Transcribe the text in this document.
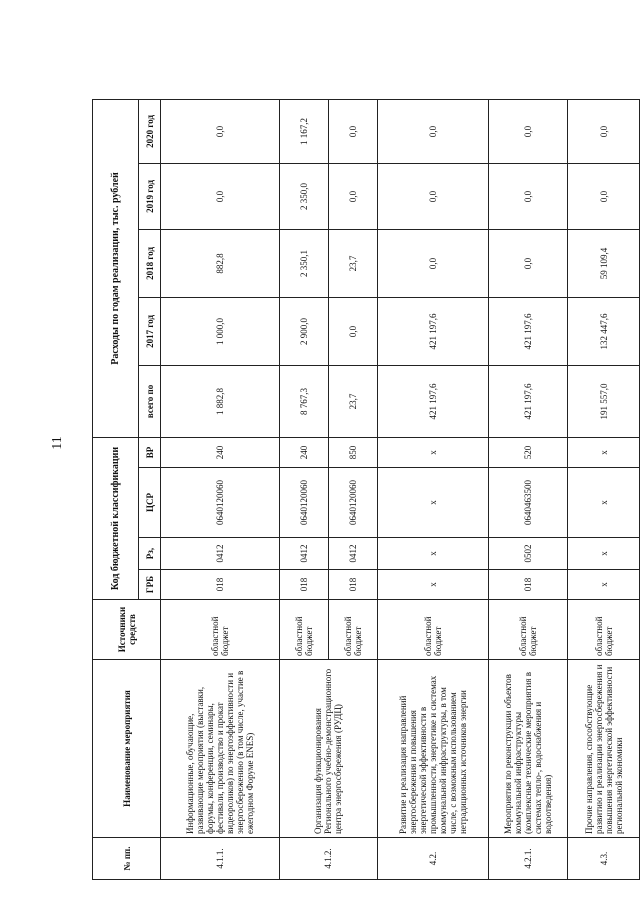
11
№ пп.	Наименование мероприятия	Источники средств	Код бюджетной классификации				Расходы по годам реализации, тыс. рублей				
			ГРБ	Рз,	ЦСР	ВР	всего по	2017 год	2018 год	2019 год	2020 год
4.1.1.	Информационные, обучающие, развивающие мероприятия (выставки, форумы, конференции, семинары, фестивали, производство и прокат видеороликов) по энергоэффективности и энергосбережению (в том числе, участие в ежегодном Форуме ENES)	областной бюджет	018	0412	0640120060	240	1 882,8	1 000,0	882,8	0,0	0,0
4.1.2.	Организация функционирования Регионального учебно-демонстрационного центра энергосбережения (РУДЦ)	областной бюджет	018	0412	0640120060	240	8 767,3	2 900,0	2 350,1	2 350,0	1 167,2
		областной бюджет	018	0412	0640120060	850	23,7	0,0	23,7	0,0	0,0
4.2.	Развитие и реализация направлений энергосбережения и повышения энергетической эффективности в промышленности, энергетике и системах коммунальной инфраструктуры, в том числе, с возможным использованием нетрадиционных источников энергии	областной бюджет	х	х	х	х	421 197,6	421 197,6	0,0	0,0	0,0
4.2.1.	Мероприятия по реконструкции объектов коммунальной инфраструктуры (комплексные технические мероприятия в системах тепло-, водоснабжения и водоотведения)	областной бюджет	018	0502	0640463500	520	421 197,6	421 197,6	0,0	0,0	0,0
4.3.	Прочие направления, способствующие развитию и реализации энергосбережения и повышения энергетической эффективности региональной экономики	областной бюджет	х	х	х	х	191 557,0	132 447,6	59 109,4	0,0	0,0
